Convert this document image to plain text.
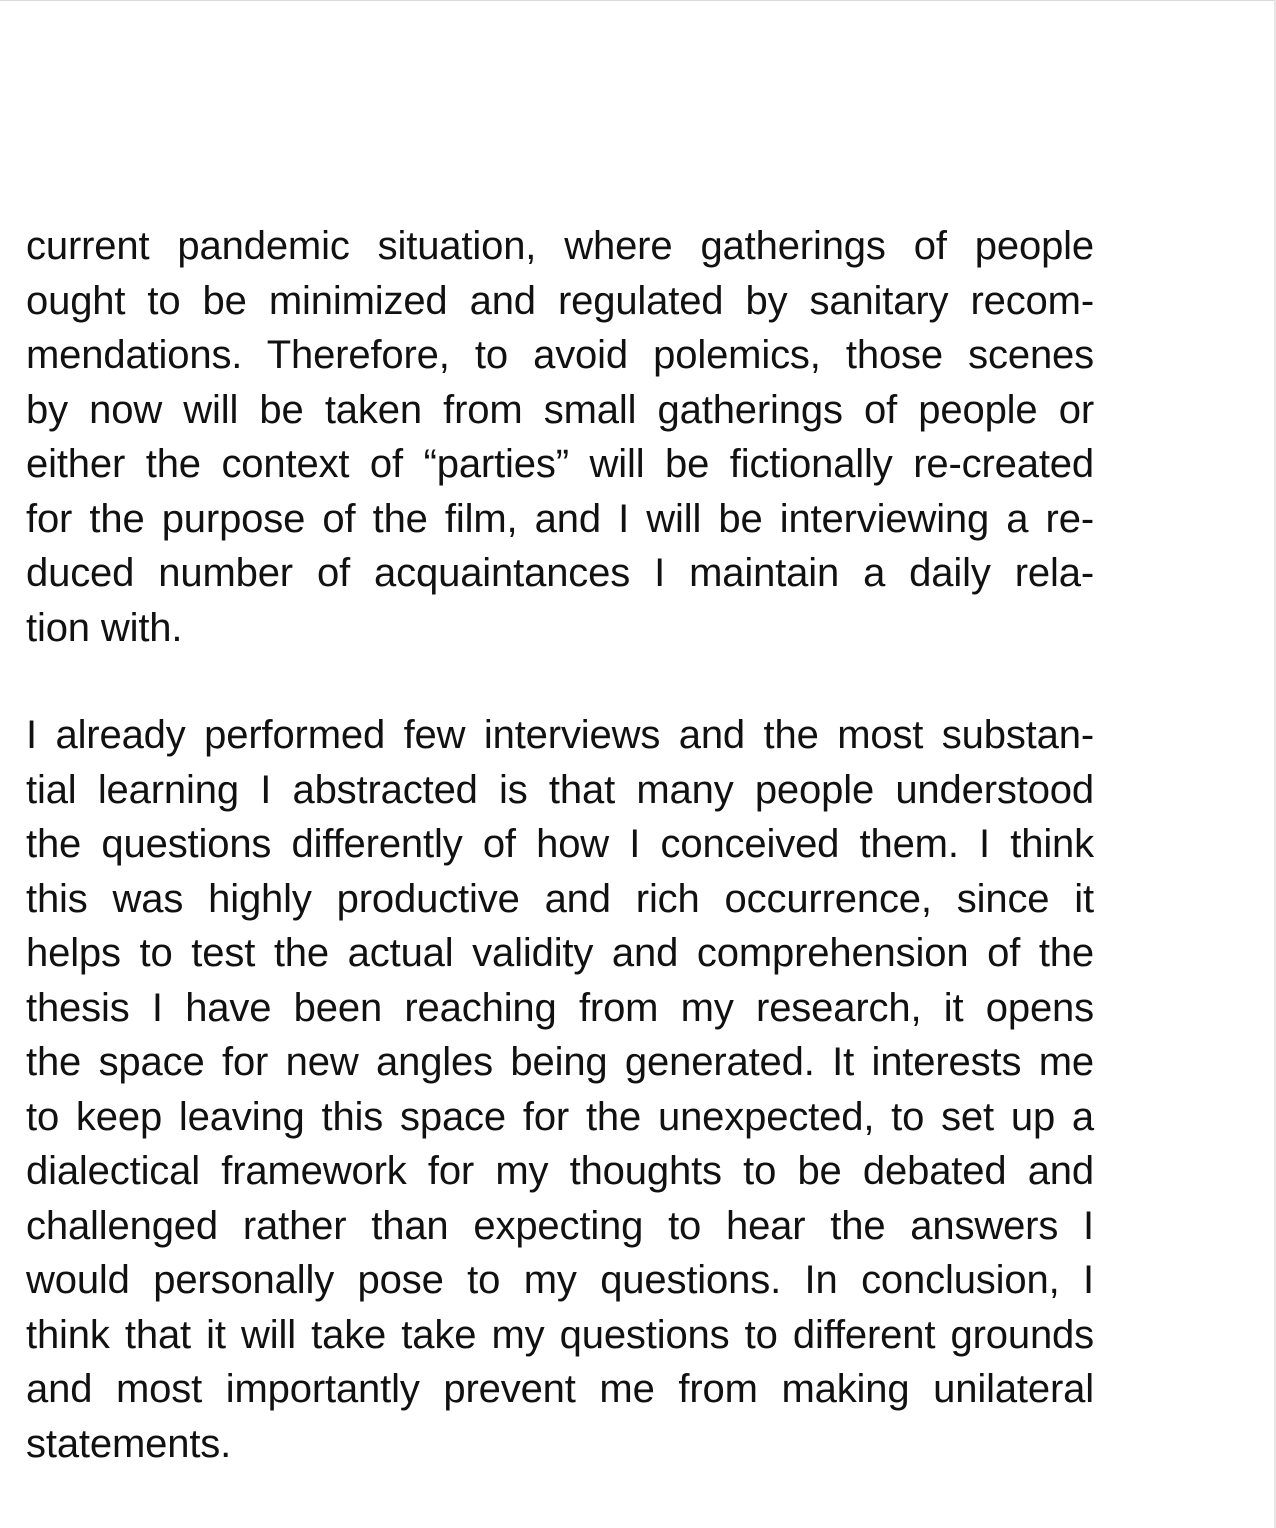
current pandemic situation, where gatherings of people
ought to be minimized and regulated by sanitary recom-
mendations. Therefore, to avoid polemics, those scenes
by now will be taken from small gatherings of people or
either the context of “parties” will be fictionally re-created
for the purpose of the film, and I will be interviewing a re-
duced number of acquaintances I maintain a daily rela-
tion with.
I already performed few interviews and the most substan-
tial learning I abstracted is that many people understood
the questions differently of how I conceived them. I think
this was highly productive and rich occurrence, since it
helps to test the actual validity and comprehension of the
thesis I have been reaching from my research, it opens
the space for new angles being generated. It interests me
to keep leaving this space for the unexpected, to set up a
dialectical framework for my thoughts to be debated and
challenged rather than expecting to hear the answers I
would personally pose to my questions. In conclusion, I
think that it will take take my questions to different grounds
and most importantly prevent me from making unilateral
statements.
